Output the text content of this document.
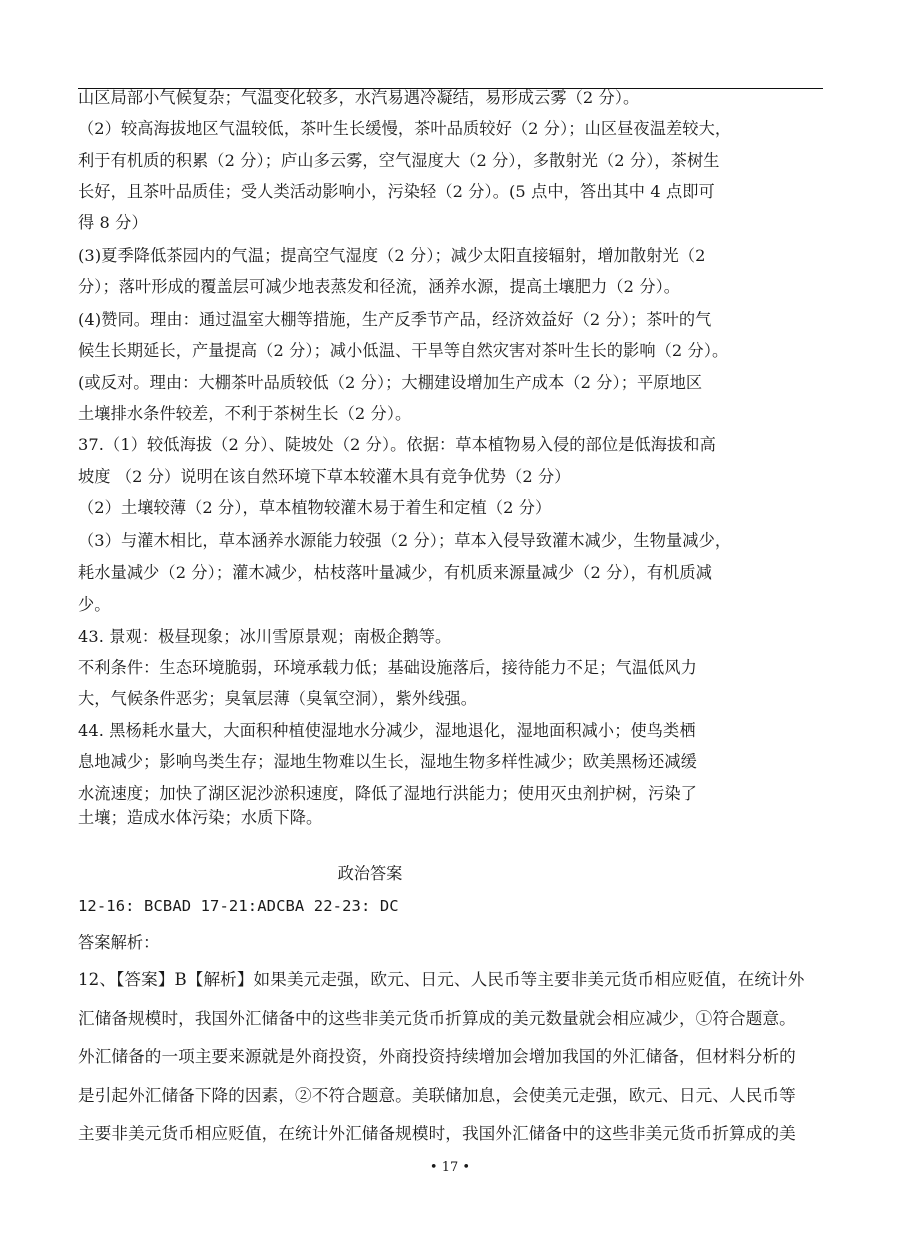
山区局部小气候复杂；气温变化较多，水汽易遇冷凝结，易形成云雾（2 分）。
（2）较高海拔地区气温较低，茶叶生长缓慢，茶叶品质较好（2 分）；山区昼夜温差较大，
利于有机质的积累（2 分）；庐山多云雾，空气湿度大（2 分），多散射光（2 分），茶树生
长好，且茶叶品质佳；受人类活动影响小，污染轻（2 分）。(5 点中，答出其中 4 点即可
得 8 分）
(3)夏季降低茶园内的气温；提高空气湿度（2 分）；减少太阳直接辐射，增加散射光（2
分）；落叶形成的覆盖层可减少地表蒸发和径流，涵养水源，提高土壤肥力（2 分）。
(4)赞同。理由：通过温室大棚等措施，生产反季节产品，经济效益好（2 分）；茶叶的气
候生长期延长，产量提高（2 分）；减小低温、干旱等自然灾害对茶叶生长的影响（2 分）。
(或反对。理由：大棚茶叶品质较低（2 分）；大棚建设增加生产成本（2 分）；平原地区
土壤排水条件较差，不利于茶树生长（2 分）。
37.（1）较低海拔（2 分）、陡坡处（2 分）。依据：草本植物易入侵的部位是低海拔和高
坡度 （2 分）说明在该自然环境下草本较灌木具有竞争优势（2 分）
（2）土壤较薄（2 分），草本植物较灌木易于着生和定植（2 分）
（3）与灌木相比，草本涵养水源能力较强（2 分）；草本入侵导致灌木减少，生物量减少，
耗水量减少（2 分）；灌木减少，枯枝落叶量减少，有机质来源量减少（2 分），有机质减
少。
43. 景观：极昼现象；冰川雪原景观；南极企鹅等。
不利条件：生态环境脆弱，环境承载力低；基础设施落后，接待能力不足；气温低风力
大，气候条件恶劣；臭氧层薄（臭氧空洞），紫外线强。
44. 黑杨耗水量大，大面积种植使湿地水分减少，湿地退化，湿地面积减小；使鸟类栖
息地减少；影响鸟类生存；湿地生物难以生长，湿地生物多样性减少；欧美黑杨还减缓
水流速度；加快了湖区泥沙淤积速度，降低了湿地行洪能力；使用灭虫剂护树，污染了
土壤；造成水体污染；水质下降。
政治答案
12-16: BCBAD 17-21:ADCBA 22-23: DC
答案解析：
12、【答案】B【解析】如果美元走强，欧元、日元、人民币等主要非美元货币相应贬值，在统计外
汇储备规模时，我国外汇储备中的这些非美元货币折算成的美元数量就会相应减少，①符合题意。
外汇储备的一项主要来源就是外商投资，外商投资持续增加会增加我国的外汇储备，但材料分析的
是引起外汇储备下降的因素，②不符合题意。美联储加息，会使美元走强，欧元、日元、人民币等
主要非美元货币相应贬值，在统计外汇储备规模时，我国外汇储备中的这些非美元货币折算成的美
• 17 •
